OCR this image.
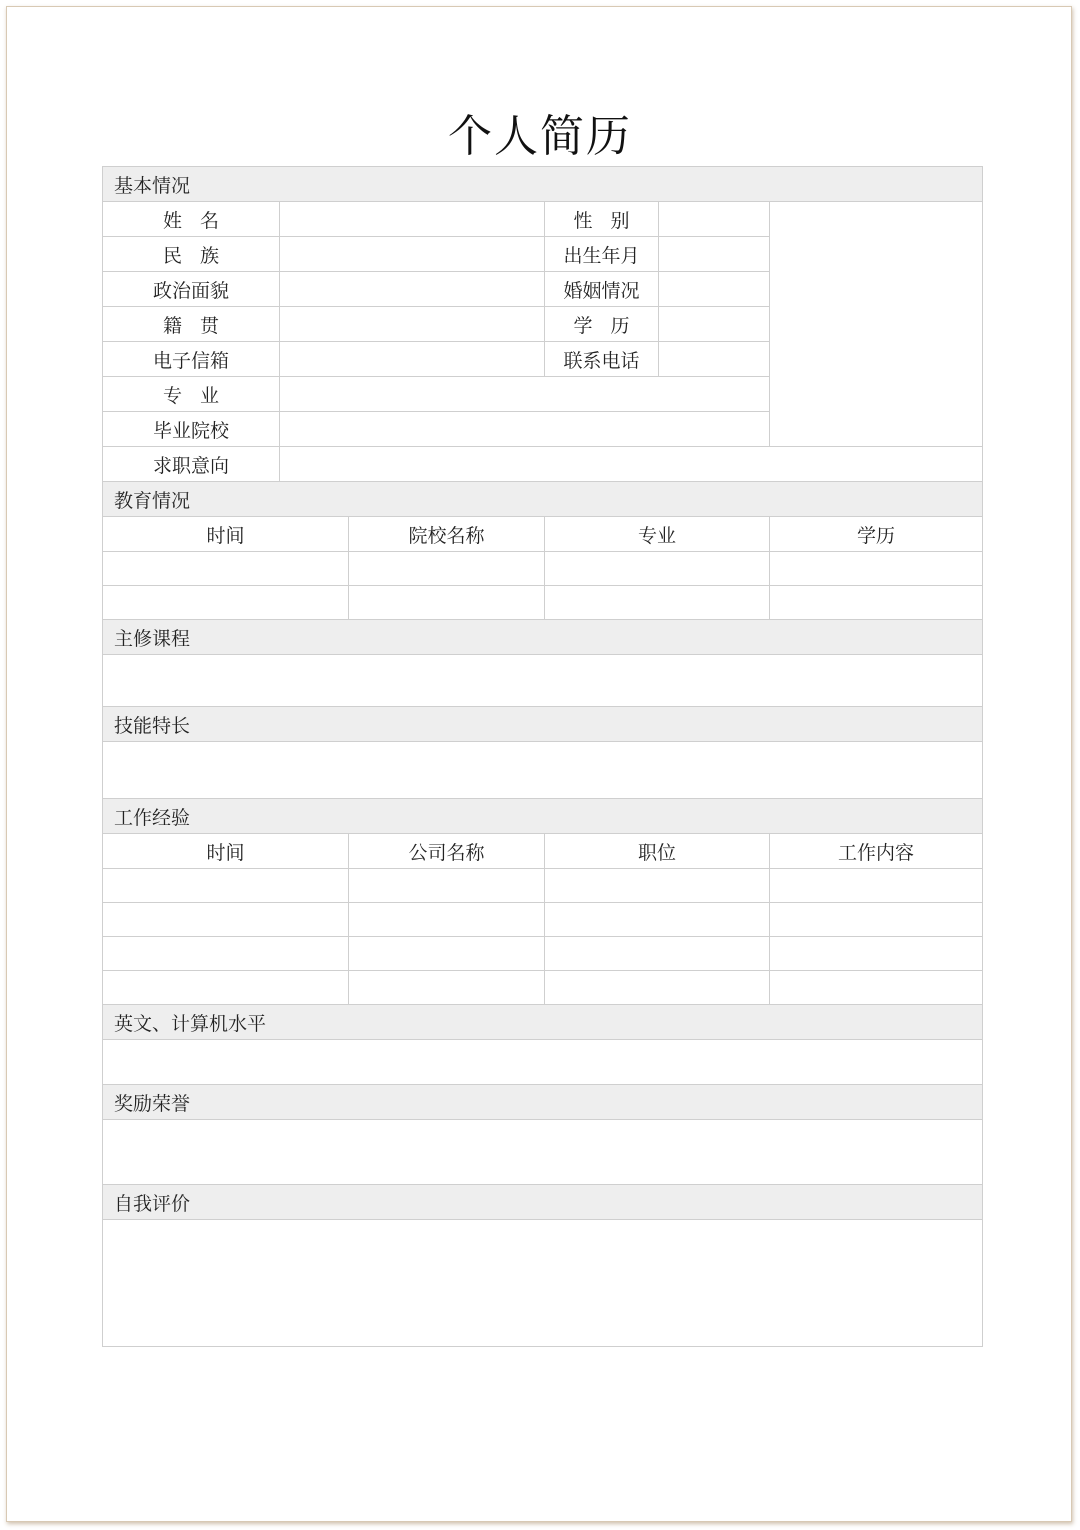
个人简历
基本情况					
姓名			性别		
民族			出生年月		
政治面貌			婚姻情况		
籍贯			学历		
电子信箱			联系电话		
专业					
毕业院校					
求职意向					
教育情况					
时间		院校名称	专业		学历

主修课程					

技能特长					

工作经验					
时间		公司名称	职位		工作内容

英文、计算机水平					

奖励荣誉					

自我评价					
